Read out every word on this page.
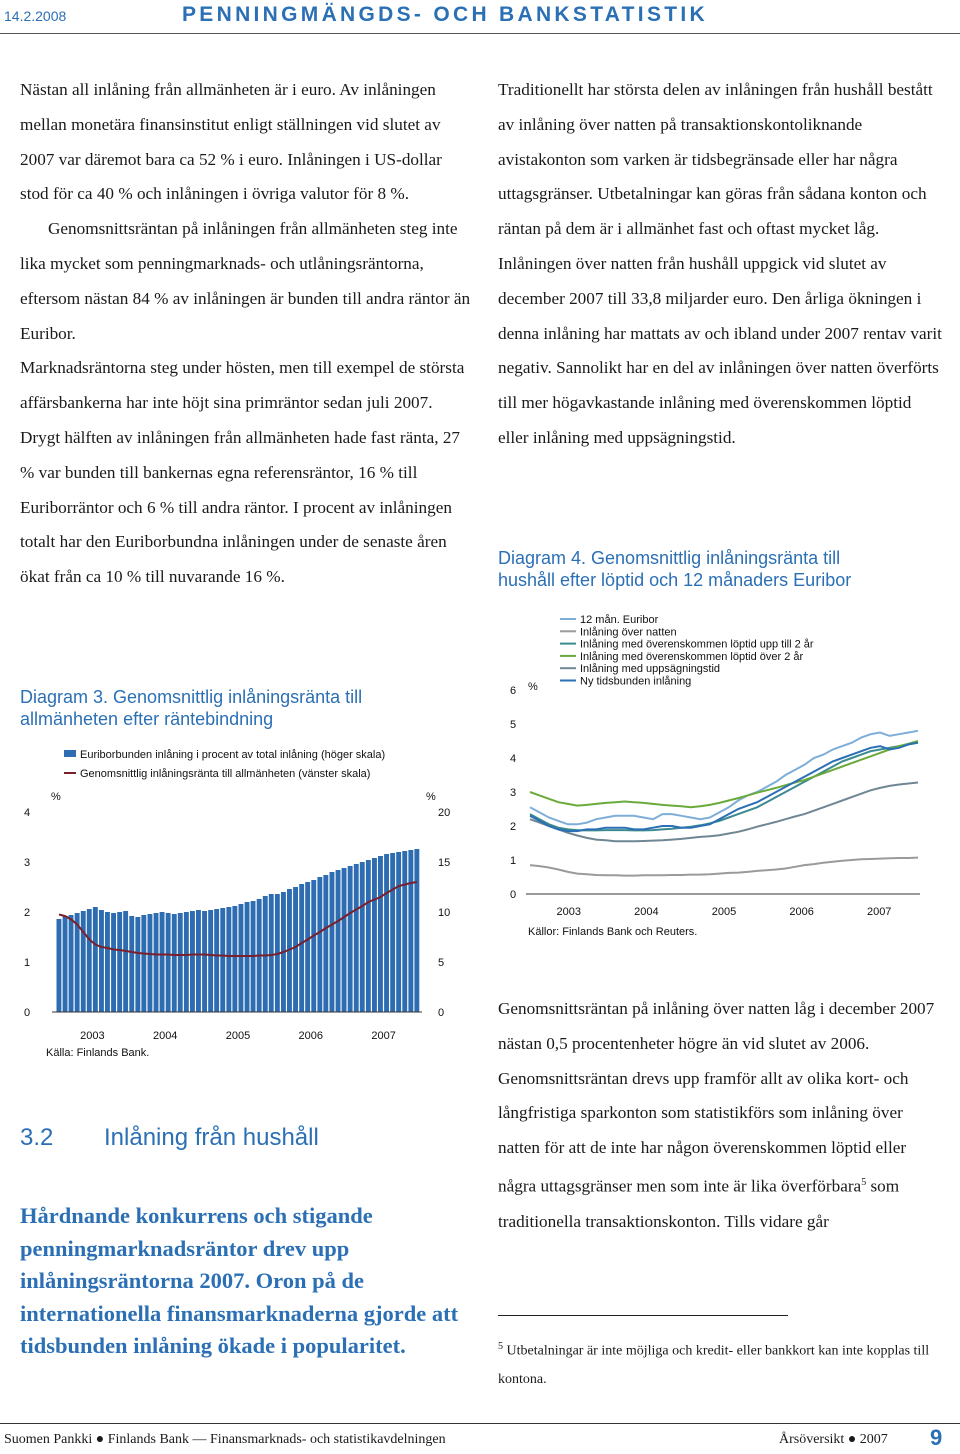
14.2.2008	PENNINGMÄNGDS- OCH BANKSTATISTIK

Nästan all inlåning från allmänheten är i euro. Av inlåningen mellan monetära finansinstitut enligt ställningen vid slutet av 2007 var däremot bara ca 52 % i euro. Inlåningen i US-dollar stod för ca 40 % och inlåningen i övriga valutor för 8 %.

Genomsnittsräntan på inlåningen från allmänheten steg inte lika mycket som penningmarknads- och utlåningsräntorna, eftersom nästan 84 % av inlåningen är bunden till andra räntor än Euribor.

Marknadsräntorna steg under hösten, men till exempel de största affärsbankerna har inte höjt sina primräntor sedan juli 2007. Drygt hälften av inlåningen från allmänheten hade fast ränta, 27 % var bunden till bankernas egna referensräntor, 16 % till Euriborräntor och 6 % till andra räntor. I procent av inlåningen totalt har den Euriborbundna inlåningen under de senaste åren ökat från ca 10 % till nuvarande 16 %.

Diagram 3. Genomsnittlig inlåningsränta till
allmänheten efter räntebindning
Euriborbunden inlåning i procent av total inlåning (höger skala)
Genomsnittlig inlåningsränta till allmänheten (vänster skala)
%	%
0
1
2
3
4
0
5
10
15
20
2003	2004	2005	2006	2007
Källa: Finlands Bank.
3.2 Inlåning från hushåll
Hårdnande konkurrens och stigande penningmarknadsräntor drev upp inlåningsräntorna 2007. Oron på de internationella finansmarknaderna gjorde att tidsbunden inlåning ökade i popularitet.

Traditionellt har största delen av inlåningen från hushåll bestått av inlåning över natten på transaktionskontoliknande avistakonton som varken är tidsbegränsade eller har några uttagsgränser. Utbetalningar kan göras från sådana konton och räntan på dem är i allmänhet fast och oftast mycket låg. Inlåningen över natten från hushåll uppgick vid slutet av december 2007 till 33,8 miljarder euro. Den årliga ökningen i denna inlåning har mattats av och ibland under 2007 rentav varit negativ. Sannolikt har en del av inlåningen över natten överförts till mer högavkastande inlåning med överenskommen löptid eller inlåning med uppsägningstid.

Diagram 4. Genomsnittlig inlåningsränta till
hushåll efter löptid och 12 månaders Euribor
12 mån. Euribor
Inlåning över natten
Inlåning med överenskommen löptid upp till 2 år
Inlåning med överenskommen löptid över 2 år
Inlåning med uppsägningstid
Ny tidsbunden inlåning
%
0
1
2
3
4
5
6
2003	2004	2005	2006	2007
Källor: Finlands Bank och Reuters.

Genomsnittsräntan på inlåning över natten låg i december 2007 nästan 0,5 procentenheter högre än vid slutet av 2006. Genomsnittsräntan drevs upp framför allt av olika kort- och långfristiga sparkonton som statistikförs som inlåning över natten för att de inte har någon överenskommen löptid eller några uttagsgränser men som inte är lika överförbara$^5$ som traditionella transaktionskonton. Tills vidare går

$^5$ Utbetalningar är inte möjliga och kredit- eller bankkort kan inte kopplas till kontona.
Suomen Pankki ● Finlands Bank — Finansmarknads- och statistikavdelningen	Årsöversikt ● 2007 9
